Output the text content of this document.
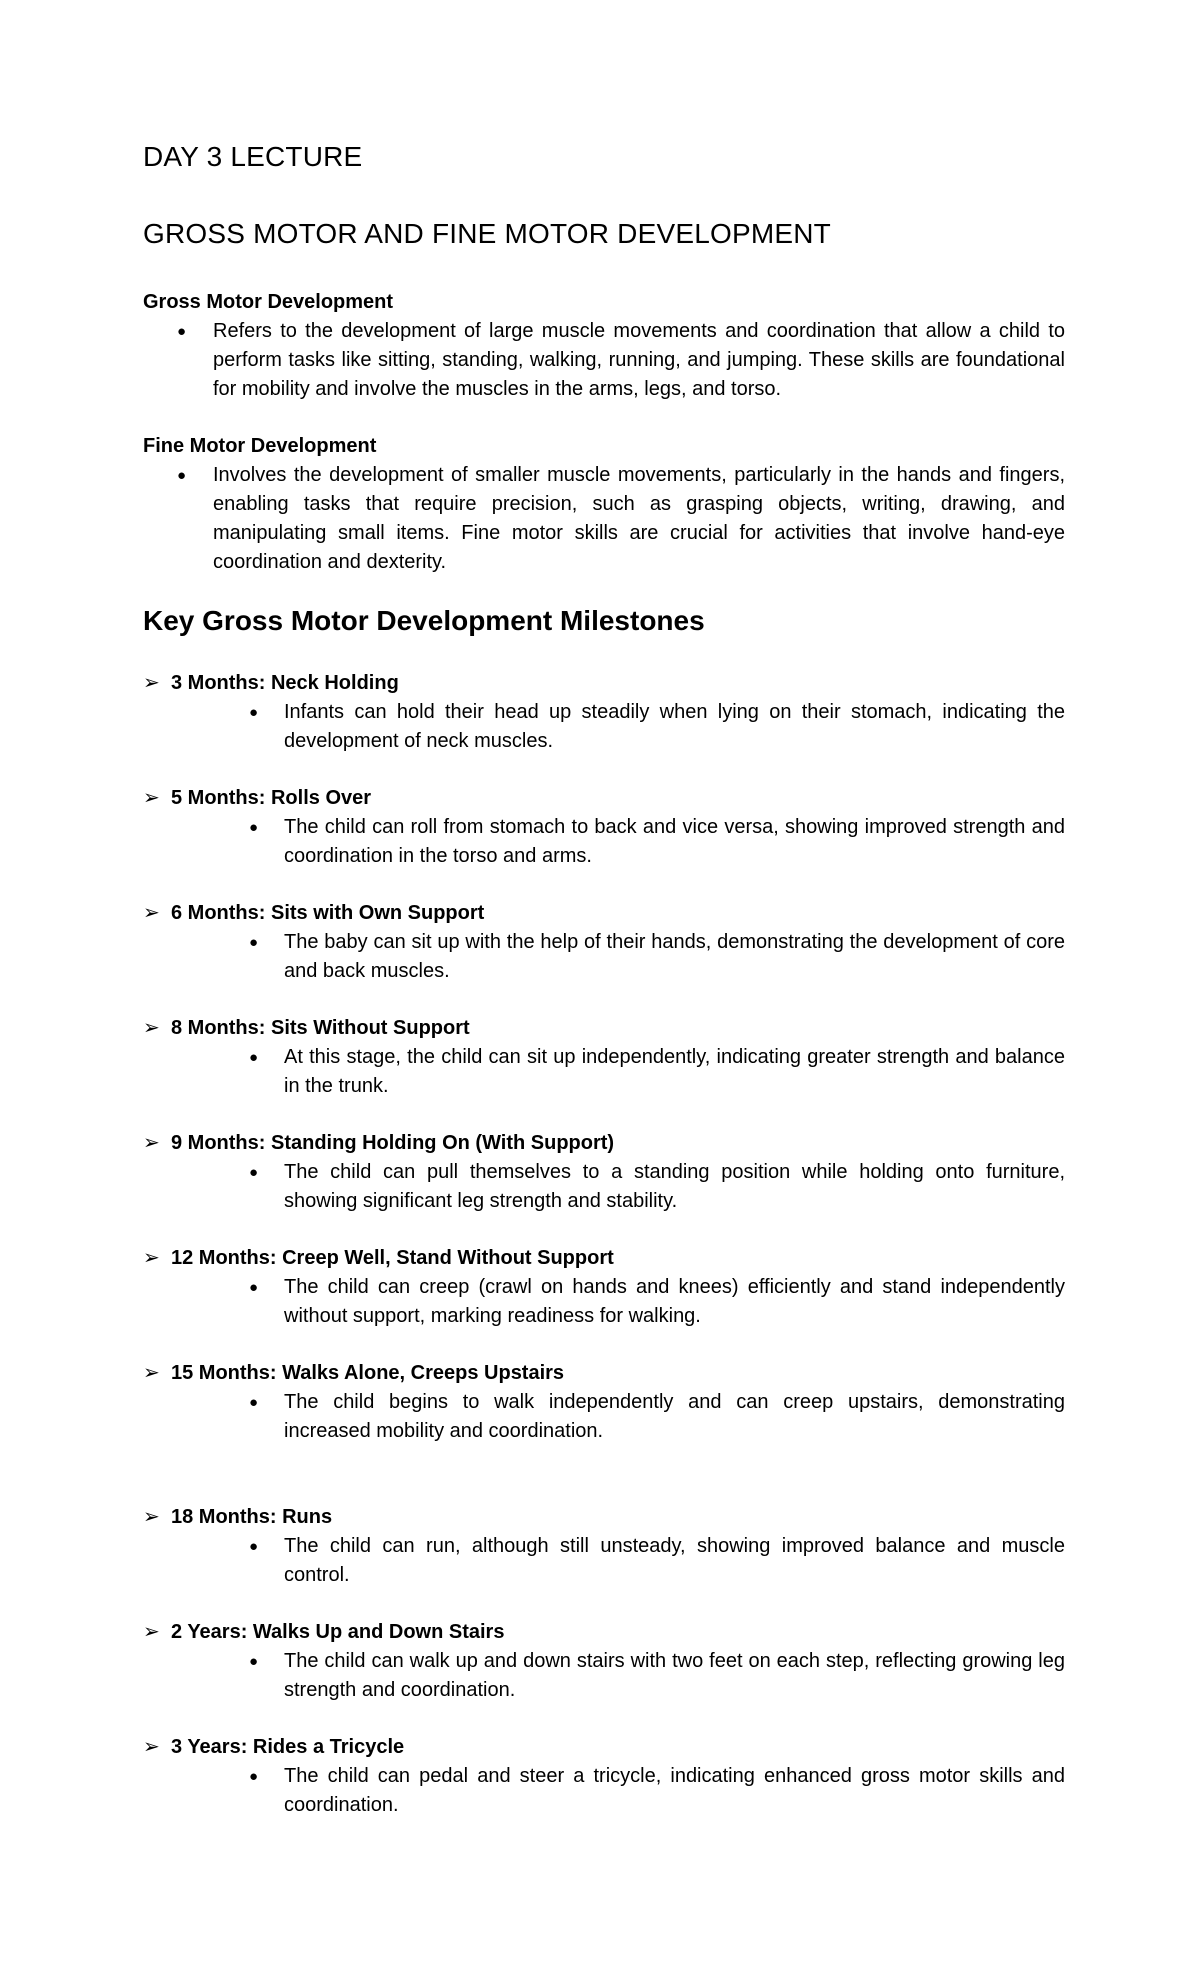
DAY 3 LECTURE
GROSS MOTOR AND FINE MOTOR DEVELOPMENT
Gross Motor Development
● Refers to the development of large muscle movements and coordination that allow a child to perform tasks like sitting, standing, walking, running, and jumping. These skills are foundational for mobility and involve the muscles in the arms, legs, and torso.
Fine Motor Development
● Involves the development of smaller muscle movements, particularly in the hands and fingers, enabling tasks that require precision, such as grasping objects, writing, drawing, and manipulating small items. Fine motor skills are crucial for activities that involve hand-eye coordination and dexterity.
Key Gross Motor Development Milestones
➢ 3 Months: Neck Holding
● Infants can hold their head up steadily when lying on their stomach, indicating the development of neck muscles.
➢ 5 Months: Rolls Over
● The child can roll from stomach to back and vice versa, showing improved strength and coordination in the torso and arms.
➢ 6 Months: Sits with Own Support
● The baby can sit up with the help of their hands, demonstrating the development of core and back muscles.
➢ 8 Months: Sits Without Support
● At this stage, the child can sit up independently, indicating greater strength and balance in the trunk.
➢ 9 Months: Standing Holding On (With Support)
● The child can pull themselves to a standing position while holding onto furniture, showing significant leg strength and stability.
➢ 12 Months: Creep Well, Stand Without Support
● The child can creep (crawl on hands and knees) efficiently and stand independently without support, marking readiness for walking.
➢ 15 Months: Walks Alone, Creeps Upstairs
● The child begins to walk independently and can creep upstairs, demonstrating increased mobility and coordination.
➢ 18 Months: Runs
● The child can run, although still unsteady, showing improved balance and muscle control.
➢ 2 Years: Walks Up and Down Stairs
● The child can walk up and down stairs with two feet on each step, reflecting growing leg strength and coordination.
➢ 3 Years: Rides a Tricycle
● The child can pedal and steer a tricycle, indicating enhanced gross motor skills and coordination.
